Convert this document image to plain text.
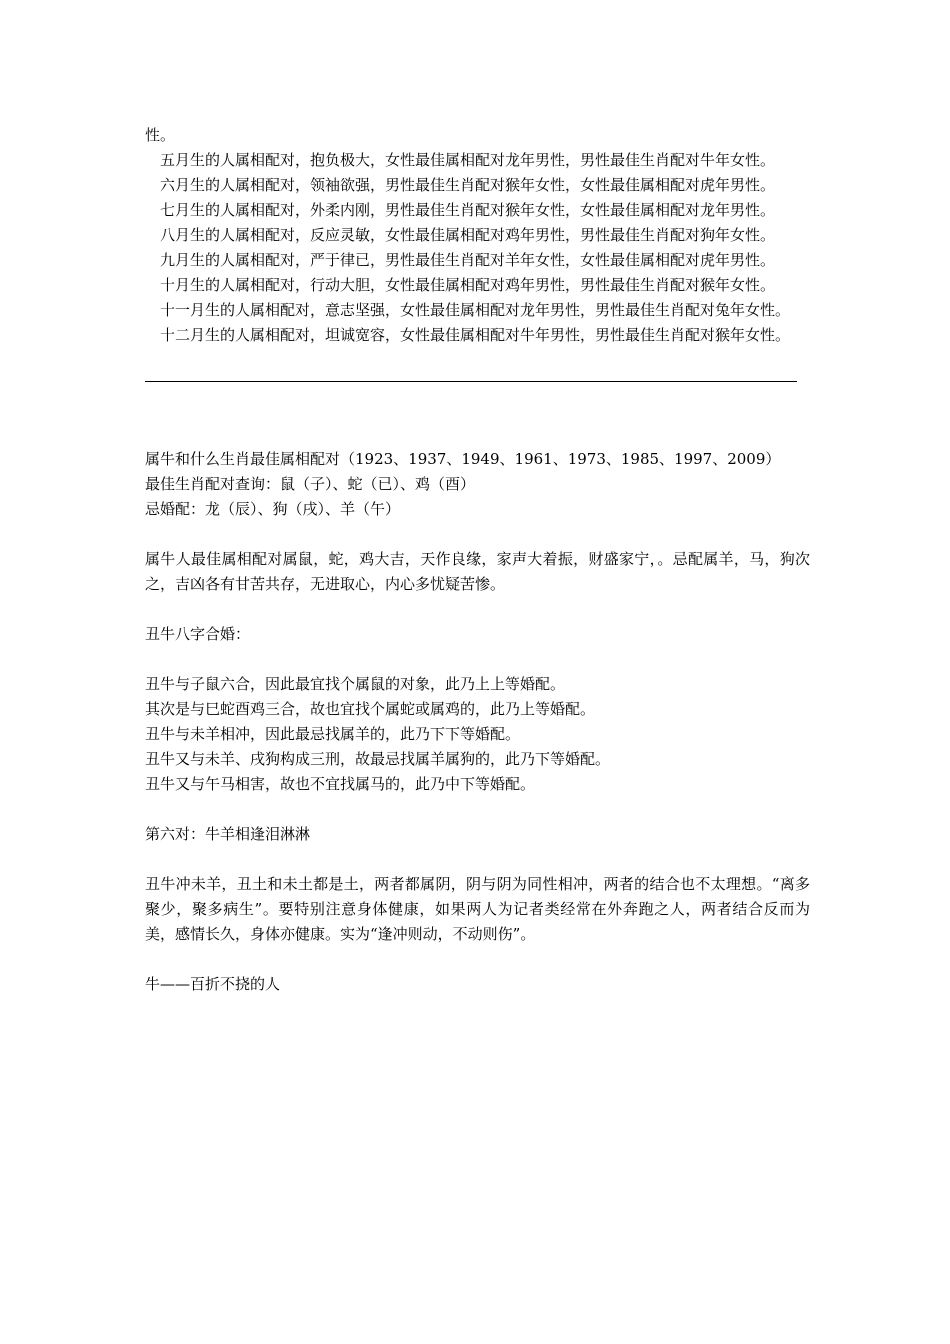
性。

五月生的人属相配对，抱负极大，女性最佳属相配对龙年男性，男性最佳生肖配对牛年女性。

六月生的人属相配对，领袖欲强，男性最佳生肖配对猴年女性，女性最佳属相配对虎年男性。

七月生的人属相配对，外柔内刚，男性最佳生肖配对猴年女性，女性最佳属相配对龙年男性。

八月生的人属相配对，反应灵敏，女性最佳属相配对鸡年男性，男性最佳生肖配对狗年女性。

九月生的人属相配对，严于律已，男性最佳生肖配对羊年女性，女性最佳属相配对虎年男性。

十月生的人属相配对，行动大胆，女性最佳属相配对鸡年男性，男性最佳生肖配对猴年女性。

十一月生的人属相配对，意志坚强，女性最佳属相配对龙年男性，男性最佳生肖配对兔年女性。

十二月生的人属相配对，坦诚宽容，女性最佳属相配对牛年男性，男性最佳生肖配对猴年女性。

属牛和什么生肖最佳属相配对（1923、1937、1949、1961、1973、1985、1997、2009）

最佳生肖配对查询：鼠（子）、蛇（已）、鸡（酉）

忌婚配：龙（辰）、狗（戌）、羊（午）

属牛人最佳属相配对属鼠，蛇，鸡大吉，天作良缘，家声大着振，财盛家宁，。忌配属羊，马，狗次之，吉凶各有甘苦共存，无进取心，内心多忧疑苦惨。

丑牛八字合婚：

丑牛与子鼠六合，因此最宜找个属鼠的对象，此乃上上等婚配。

其次是与巳蛇酉鸡三合，故也宜找个属蛇或属鸡的，此乃上等婚配。

丑牛与未羊相冲，因此最忌找属羊的，此乃下下等婚配。

丑牛又与未羊、戌狗构成三刑，故最忌找属羊属狗的，此乃下等婚配。

丑牛又与午马相害，故也不宜找属马的，此乃中下等婚配。

第六对：牛羊相逢泪淋淋

丑牛冲未羊，丑土和未土都是土，两者都属阴，阴与阴为同性相冲，两者的结合也不太理想。“离多聚少，聚多病生”。要特别注意身体健康，如果两人为记者类经常在外奔跑之人，两者结合反而为美，感情长久，身体亦健康。实为“逢冲则动，不动则伤”。

牛——百折不挠的人
